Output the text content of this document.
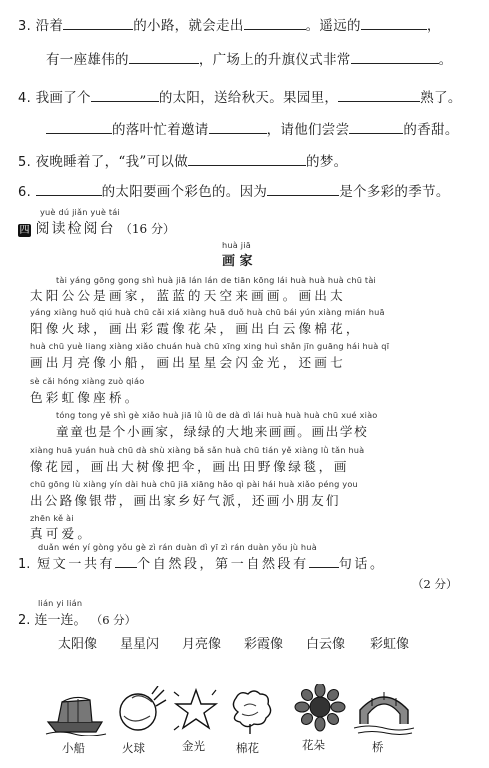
3. 沿着	的小路，就会走出	。遥远的	，
有一座雄伟的	，广场上的升旗仪式非常	。
4. 我画了个	的太阳，送给秋天。果园里，	熟了。
的落叶忙着邀请	，请他们尝尝	的香甜。
5. 夜晚睡着了，“我”可以做	的梦。
6.	的太阳要画个彩色的。因为	是个多彩的季节。
yuè dú jiǎn yuè tái
四 阅读检阅台 （16 分）
huà jiā
画 家
tài yáng gōng gong shì huà jiā lán lán de tiān kōng lái huà huà huà chū tài
太阳公公是画家，蓝蓝的天空来画画。画出太
yáng xiàng huǒ qiú huà chū cǎi xiá xiàng huā duǒ huà chū bái yún xiàng mián huā
阳像火球，画出彩霞像花朵，画出白云像棉花，
huà chū yuè liang xiàng xiǎo chuán huà chū xīng xing huì shǎn jīn guāng hái huà qī
画出月亮像小船，画出星星会闪金光，还画七
sè cǎi hóng xiàng zuò qiáo
色彩虹像座桥。
tóng tong yě shì gè xiǎo huà jiā lǜ lǜ de dà dì lái huà huà huà chū xué xiào
童童也是个小画家，绿绿的大地来画画。画出学校
xiàng huā yuán huà chū dà shù xiàng bǎ sǎn huà chū tián yě xiàng lǜ tǎn huà
像花园，画出大树像把伞，画出田野像绿毯，画
chū gōng lù xiàng yín dài huà chū jiā xiāng hǎo qì pài hái huà xiǎo péng you
出公路像银带，画出家乡好气派，还画小朋友们
zhēn kě ài
真可爱。
duǎn wén yí gòng yǒu gè zì rán duàn dì yī zì rán duàn yǒu jù huà
1. 短文一共有 个自然段，第一自然段有 句话。
（2 分）
lián yi lián
2. 连一连。 （6 分）
太阳像 星星闪 月亮像 彩霞像 白云像 彩虹像
小船	火球	金光	棉花	花朵	桥
